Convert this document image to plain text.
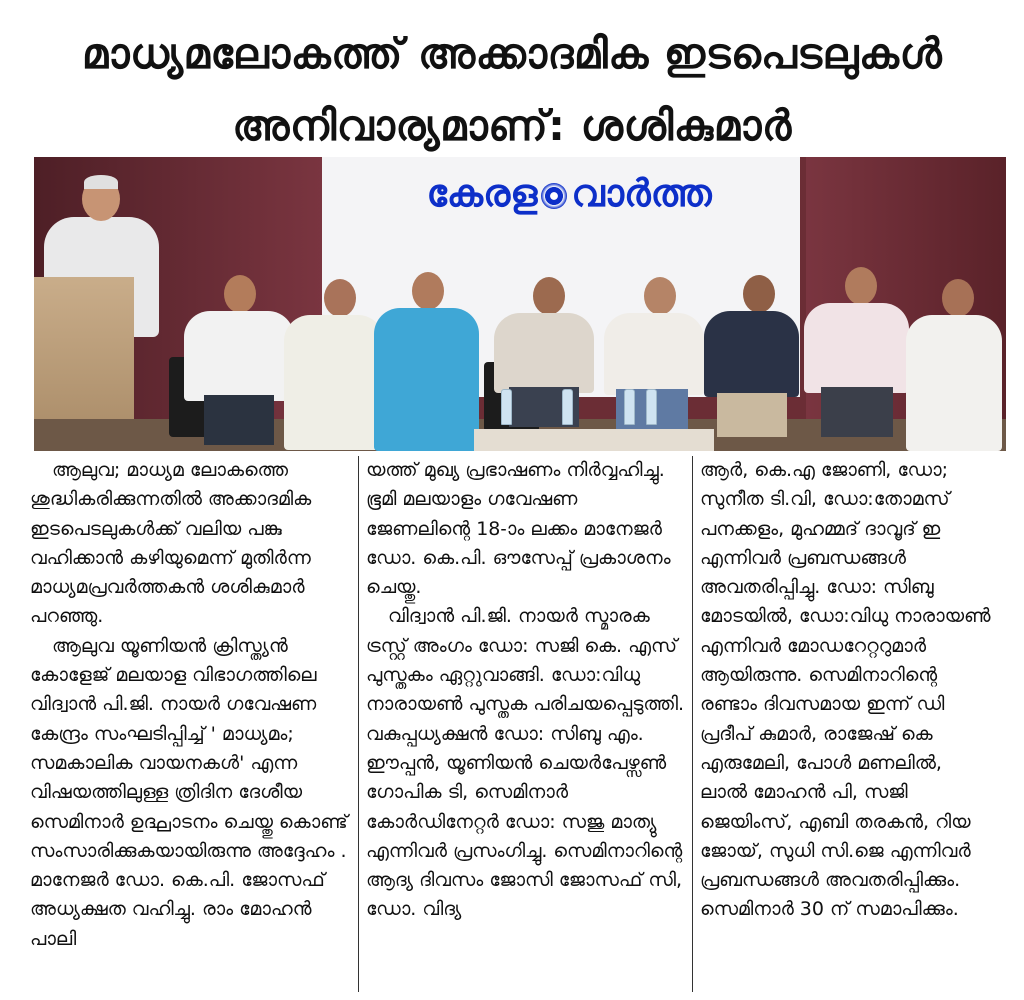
മാധ്യമലോകത്ത് അക്കാദമിക ഇടപെടലുകൾ
അനിവാര്യമാണ്: ശശികുമാർ
കേരള വാർത്ത

ആലുവ; മാധ്യമ ലോകത്തെ ശുദ്ധികരിക്കുന്നതിൽ അക്കാദമിക ഇടപെടലുകൾക്ക് വലിയ പങ്കു വഹിക്കാൻ കഴിയുമെന്ന് മുതിർന്ന മാധ്യമപ്രവർത്തകൻ ശശികുമാർ പറഞ്ഞു.

ആലുവ യൂണിയൻ ക്രിസ്ത്യൻ കോളേജ് മലയാള വിഭാഗത്തിലെ വിദ്വാൻ പി.ജി. നായർ ഗവേഷണ കേന്ദ്രം സംഘടിപ്പിച്ച് ' മാധ്യമം; സമകാലിക വായനകൾ' എന്ന വിഷയത്തിലുള്ള ത്രിദിന ദേശീയ സെമിനാർ ഉദ്ഘാടനം ചെയ്തു കൊണ്ട് സംസാരിക്കുകയായിരുന്നു അദ്ദേഹം . മാനേജർ ഡോ. കെ.പി. ജോസഫ് അധ്യക്ഷത വഹിച്ചു. രാം മോഹൻ പാലി

യത്ത് മുഖ്യ പ്രഭാഷണം നിർവ്വഹിച്ചു. ഭൂമി മലയാളം ഗവേഷണ ജേണലിന്റെ 18-ാം ലക്കം മാനേജർ ഡോ. കെ.പി. ഔസേപ്പ് പ്രകാശനം ചെയ്തു.

വിദ്വാൻ പി.ജി. നായർ സ്മാരക ട്രസ്റ്റ് അംഗം ഡോ: സജി കെ. എസ് പുസ്തകം ഏറ്റുവാങ്ങി. ഡോ:വിധു നാരായൺ പുസ്തക പരിചയപ്പെടുത്തി. വകുപ്പധ്യക്ഷൻ ഡോ: സിബു എം. ഈപ്പൻ, യൂണിയൻ ചെയർപേഴ്സൺ ഗോപിക ടി, സെമിനാർ കോർഡിനേറ്റർ ഡോ: സജു മാത്യു എന്നിവർ പ്രസംഗിച്ചു. സെമിനാറിന്റെ ആദ്യ ദിവസം ജോസി ജോസഫ് സി, ഡോ. വിദ്യ

ആർ, കെ.എ ജോണി, ഡോ; സുനീത ടി.വി, ഡോ:തോമസ് പനക്കളം, മുഹമ്മദ് ദാവൂദ് ഇ എന്നിവർ പ്രബന്ധങ്ങൾ അവതരിപ്പിച്ചു. ഡോ: സിബു മോടയിൽ, ഡോ:വിധു നാരായൺ എന്നിവർ മോഡറേറ്ററുമാർ ആയിരുന്നു. സെമിനാറിന്റെ രണ്ടാം ദിവസമായ ഇന്ന് ഡി പ്രദീപ് കുമാർ, രാജേഷ് കെ എരുമേലി, പോൾ മണലിൽ, ലാൽ മോഹൻ പി, സജി ജെയിംസ്, എബി തരകൻ, റിയ ജോയ്, സുധി സി.ജെ എന്നിവർ പ്രബന്ധങ്ങൾ അവതരിപ്പിക്കും. സെമിനാർ 30 ന് സമാപിക്കും.
